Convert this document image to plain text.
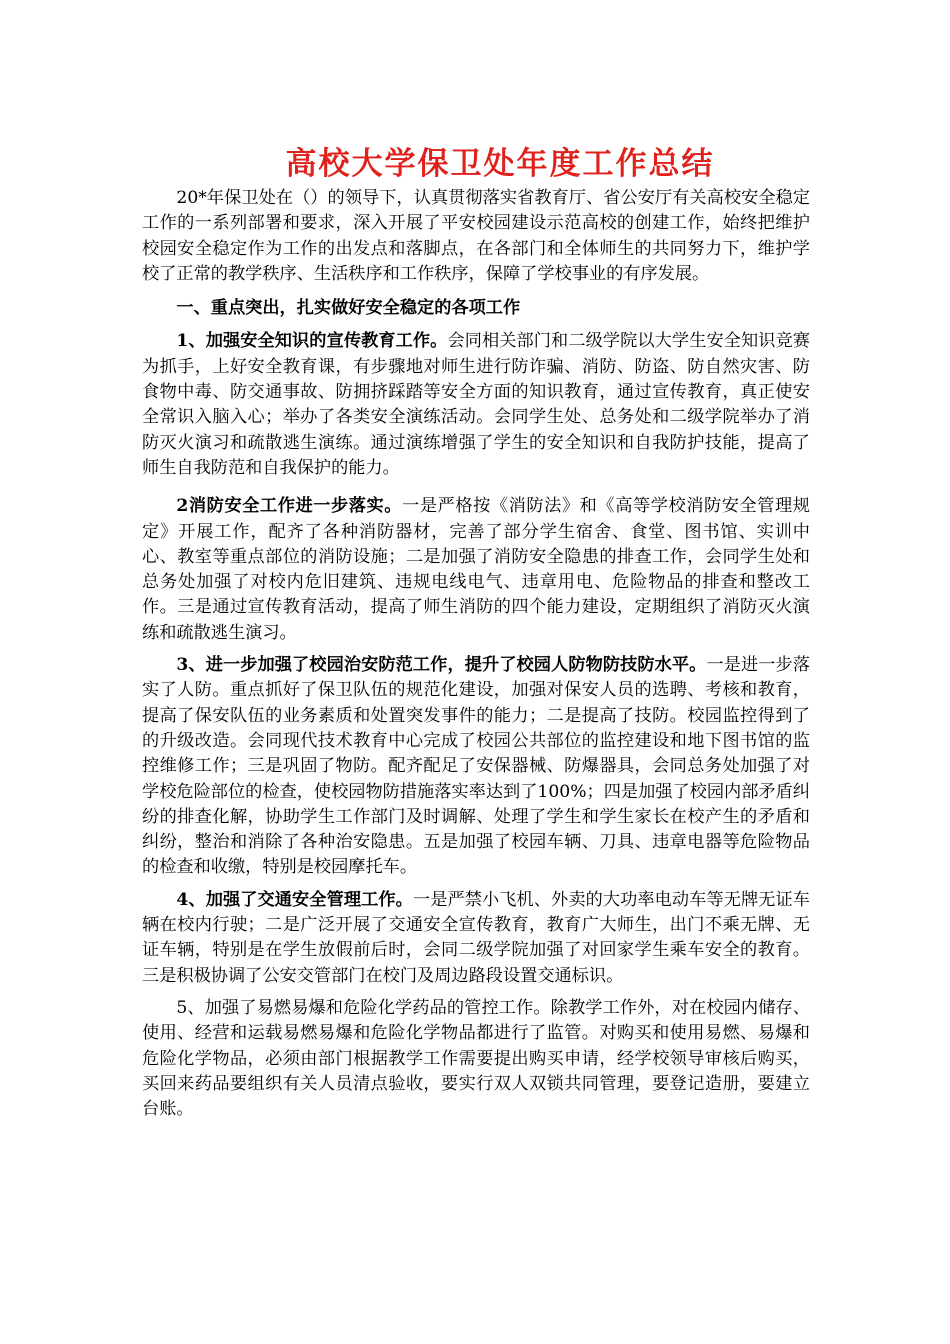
高校大学保卫处年度工作总结

20*年保卫处在（）的领导下，认真贯彻落实省教育厅、省公安厅有关高校安全稳定工作的一系列部署和要求，深入开展了平安校园建设示范高校的创建工作，始终把维护校园安全稳定作为工作的出发点和落脚点，在各部门和全体师生的共同努力下，维护学校了正常的教学秩序、生活秩序和工作秩序，保障了学校事业的有序发展。

一、重点突出，扎实做好安全稳定的各项工作

1、加强安全知识的宣传教育工作。会同相关部门和二级学院以大学生安全知识竞赛为抓手，上好安全教育课，有步骤地对师生进行防诈骗、消防、防盗、防自然灾害、防食物中毒、防交通事故、防拥挤踩踏等安全方面的知识教育，通过宣传教育，真正使安全常识入脑入心；举办了各类安全演练活动。会同学生处、总务处和二级学院举办了消防灭火演习和疏散逃生演练。通过演练增强了学生的安全知识和自我防护技能，提高了师生自我防范和自我保护的能力。

2消防安全工作进一步落实。一是严格按《消防法》和《高等学校消防安全管理规定》开展工作，配齐了各种消防器材，完善了部分学生宿舍、食堂、图书馆、实训中心、教室等重点部位的消防设施；二是加强了消防安全隐患的排查工作，会同学生处和总务处加强了对校内危旧建筑、违规电线电气、违章用电、危险物品的排查和整改工作。三是通过宣传教育活动，提高了师生消防的四个能力建设，定期组织了消防灭火演练和疏散逃生演习。

3、进一步加强了校园治安防范工作，提升了校园人防物防技防水平。一是进一步落实了人防。重点抓好了保卫队伍的规范化建设，加强对保安人员的选聘、考核和教育，提高了保安队伍的业务素质和处置突发事件的能力；二是提高了技防。校园监控得到了的升级改造。会同现代技术教育中心完成了校园公共部位的监控建设和地下图书馆的监控维修工作；三是巩固了物防。配齐配足了安保器械、防爆器具，会同总务处加强了对学校危险部位的检查，使校园物防措施落实率达到了100%；四是加强了校园内部矛盾纠纷的排查化解，协助学生工作部门及时调解、处理了学生和学生家长在校产生的矛盾和纠纷，整治和消除了各种治安隐患。五是加强了校园车辆、刀具、违章电器等危险物品的检查和收缴，特别是校园摩托车。

4、加强了交通安全管理工作。一是严禁小飞机、外卖的大功率电动车等无牌无证车辆在校内行驶；二是广泛开展了交通安全宣传教育，教育广大师生，出门不乘无牌、无证车辆，特别是在学生放假前后时，会同二级学院加强了对回家学生乘车安全的教育。三是积极协调了公安交管部门在校门及周边路段设置交通标识。

5、加强了易燃易爆和危险化学药品的管控工作。除教学工作外，对在校园内储存、使用、经营和运载易燃易爆和危险化学物品都进行了监管。对购买和使用易燃、易爆和危险化学物品，必须由部门根据教学工作需要提出购买申请，经学校领导审核后购买，买回来药品要组织有关人员清点验收，要实行双人双锁共同管理，要登记造册，要建立台账。
